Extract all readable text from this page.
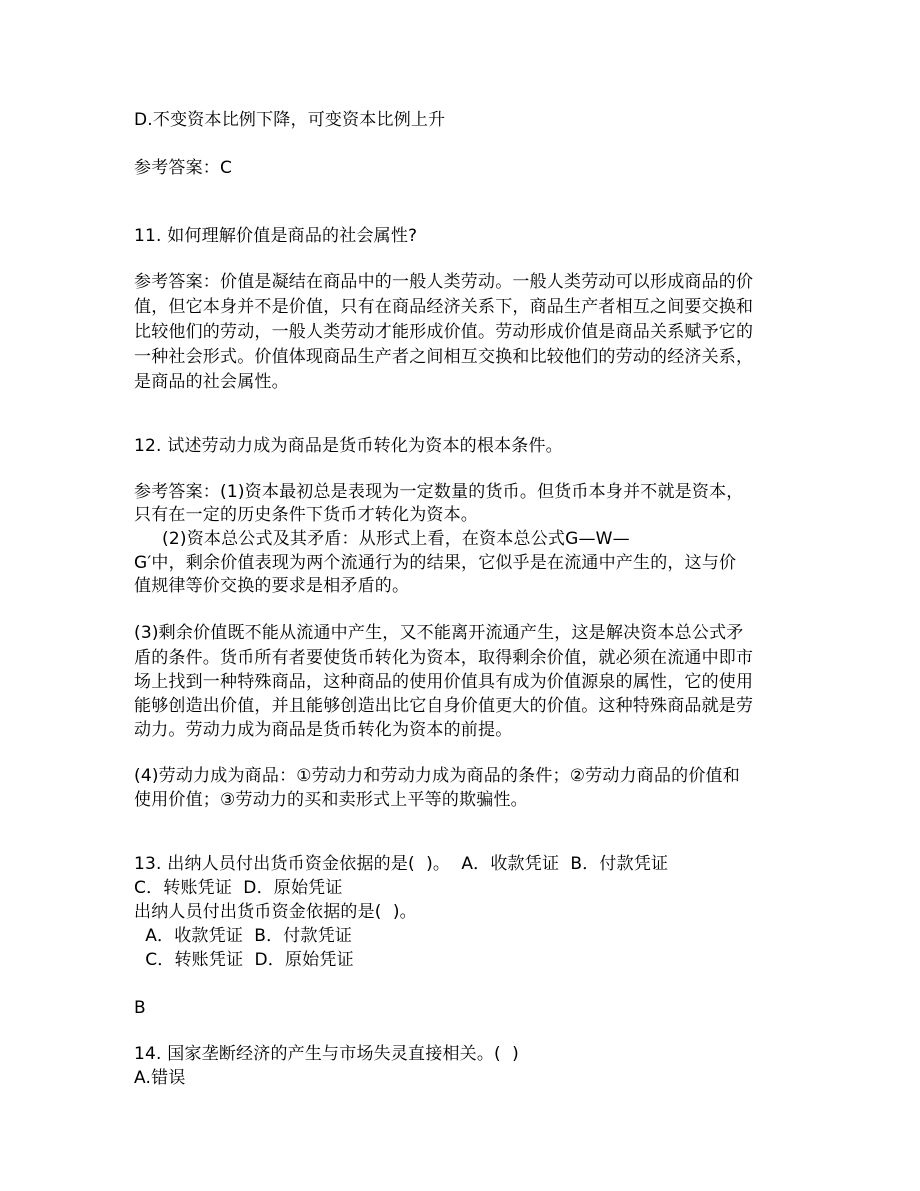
D.不变资本比例下降，可变资本比例上升
参考答案：C
11. 如何理解价值是商品的社会属性?
参考答案：价值是凝结在商品中的一般人类劳动。一般人类劳动可以形成商品的价
值，但它本身并不是价值，只有在商品经济关系下，商品生产者相互之间要交换和
比较他们的劳动，一般人类劳动才能形成价值。劳动形成价值是商品关系赋予它的
一种社会形式。价值体现商品生产者之间相互交换和比较他们的劳动的经济关系，
是商品的社会属性。
12. 试述劳动力成为商品是货币转化为资本的根本条件。
参考答案：(1)资本最初总是表现为一定数量的货币。但货币本身并不就是资本，
只有在一定的历史条件下货币才转化为资本。
(2)资本总公式及其矛盾：从形式上看，在资本总公式G—W—
G′中，剩余价值表现为两个流通行为的结果，它似乎是在流通中产生的，这与价
值规律等价交换的要求是相矛盾的。
(3)剩余价值既不能从流通中产生，又不能离开流通产生，这是解决资本总公式矛
盾的条件。货币所有者要使货币转化为资本，取得剩余价值，就必须在流通中即市
场上找到一种特殊商品，这种商品的使用价值具有成为价值源泉的属性，它的使用
能够创造出价值，并且能够创造出比它自身价值更大的价值。这种特殊商品就是劳
动力。劳动力成为商品是货币转化为资本的前提。
(4)劳动力成为商品：①劳动力和劳动力成为商品的条件；②劳动力商品的价值和
使用价值；③劳动力的买和卖形式上平等的欺骗性。
13. 出纳人员付出货币资金依据的是(  )。  A．收款凭证  B．付款凭证
C．转账凭证  D．原始凭证
出纳人员付出货币资金依据的是(  )。
A．收款凭证  B．付款凭证
C．转账凭证  D．原始凭证
B
14. 国家垄断经济的产生与市场失灵直接相关。(  )
A.错误
